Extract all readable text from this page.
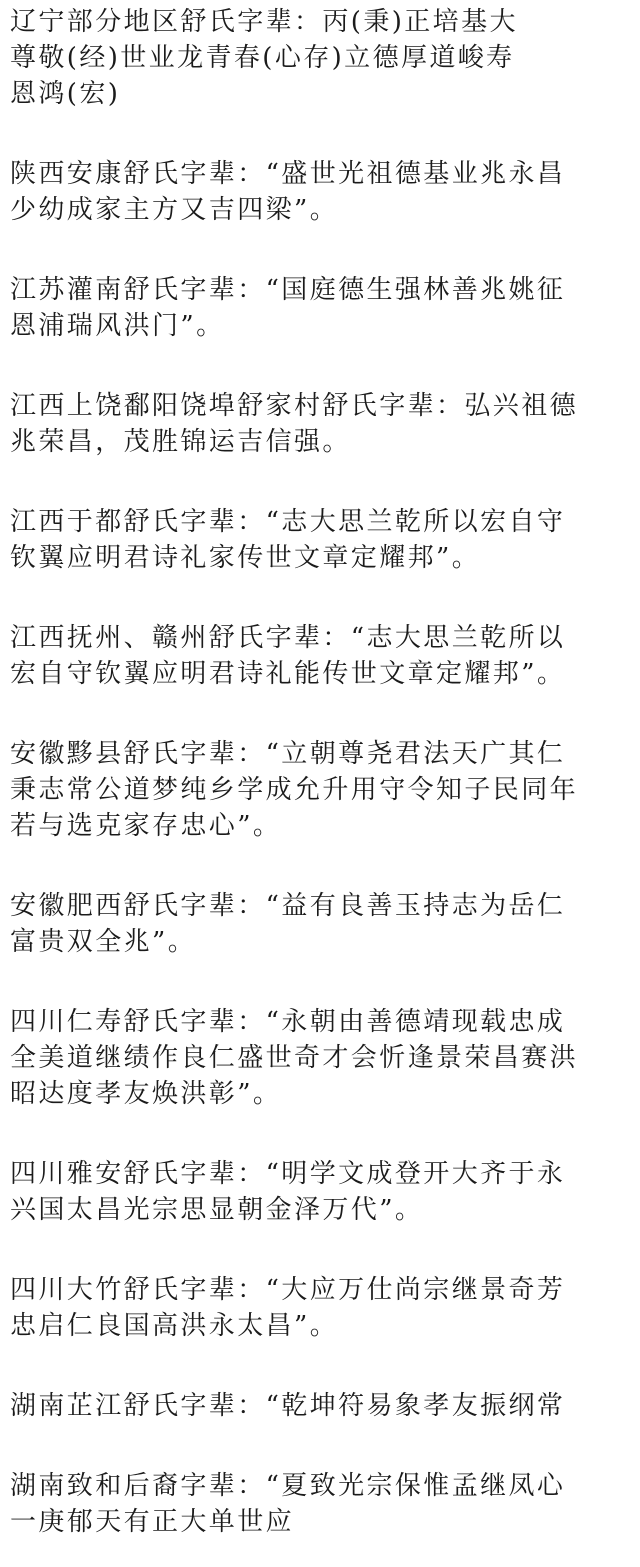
辽宁部分地区舒氏字辈：丙(秉)正培基大
尊敬(经)世业龙青春(心存)立德厚道峻寿
恩鸿(宏)
陕西安康舒氏字辈：“盛世光祖德基业兆永昌
少幼成家主方又吉四梁”。
江苏灌南舒氏字辈：“国庭德生强林善兆姚征
恩浦瑞风洪门”。
江西上饶鄱阳饶埠舒家村舒氏字辈：弘兴祖德
兆荣昌，茂胜锦运吉信强。
江西于都舒氏字辈：“志大思兰乾所以宏自守
钦翼应明君诗礼家传世文章定耀邦”。
江西抚州、赣州舒氏字辈：“志大思兰乾所以
宏自守钦翼应明君诗礼能传世文章定耀邦”。
安徽黟县舒氏字辈：“立朝尊尧君法天广其仁
秉志常公道梦纯乡学成允升用守令知子民同年
若与选克家存忠心”。
安徽肥西舒氏字辈：“益有良善玉持志为岳仁
富贵双全兆”。
四川仁寿舒氏字辈：“永朝由善德靖现载忠成
全美道继绩作良仁盛世奇才会忻逢景荣昌赛洪
昭达度孝友焕洪彰”。
四川雅安舒氏字辈：“明学文成登开大齐于永
兴国太昌光宗思显朝金泽万代”。
四川大竹舒氏字辈：“大应万仕尚宗继景奇芳
忠启仁良国高洪永太昌”。
湖南芷江舒氏字辈：“乾坤符易象孝友振纲常
湖南致和后裔字辈：“夏致光宗保惟孟继凤心
一庚郁天有正大单世应
